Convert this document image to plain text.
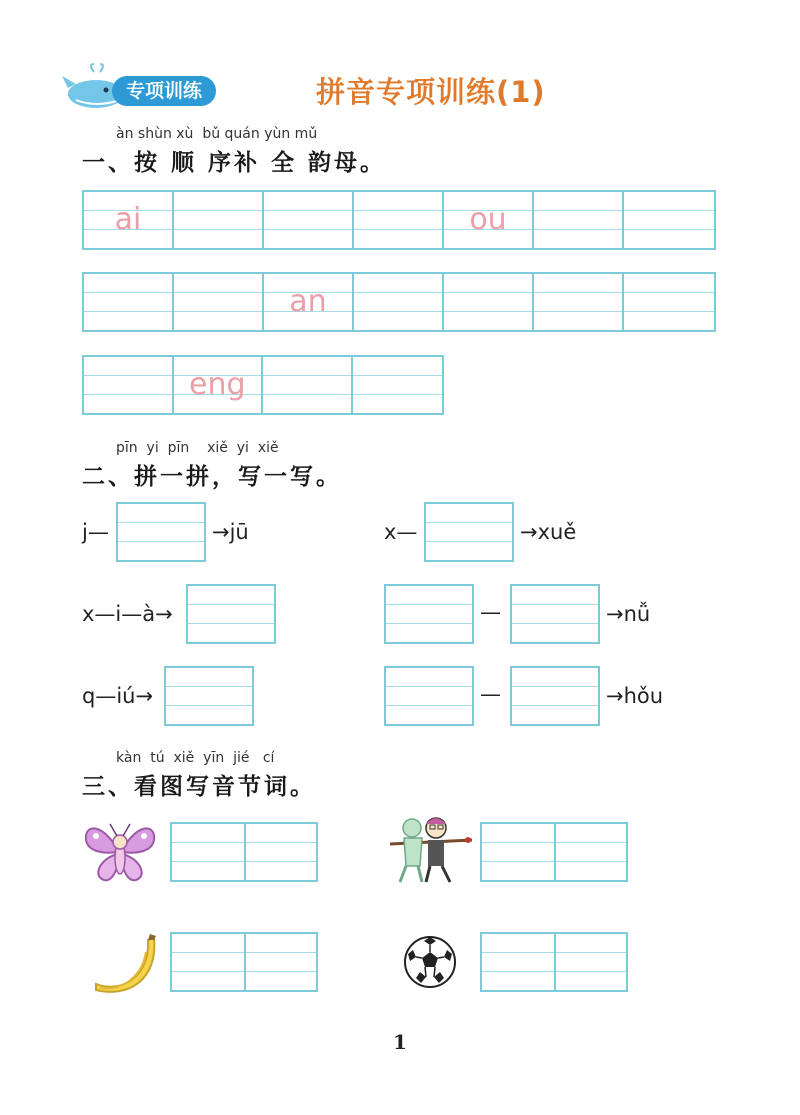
专项训练	拼音专项训练(1)
àn shùn xù  bǔ quán yùn mǔ
一、按 顺 序补 全 韵母。
ai	ou
an
eng
pīn  yi  pīn    xiě  yi  xiě
二、拼一拼，写一写。
j—	→jū	x—	→xuě
x—i—à→	—	→nǚ
q—iú→	—	→hǒu
kàn  tú  xiě  yīn  jié   cí
三、看图写音节词。
1
